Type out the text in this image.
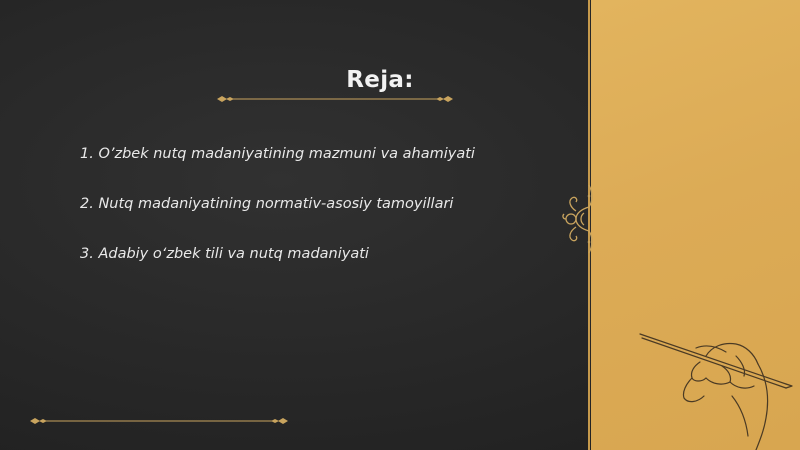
Reja:
1. O’zbek nutq madaniyatining mazmuni va ahamiyati
2. Nutq madaniyatining normativ-asosiy tamoyillari
3. Adabiy o‘zbek tili va nutq madaniyati
